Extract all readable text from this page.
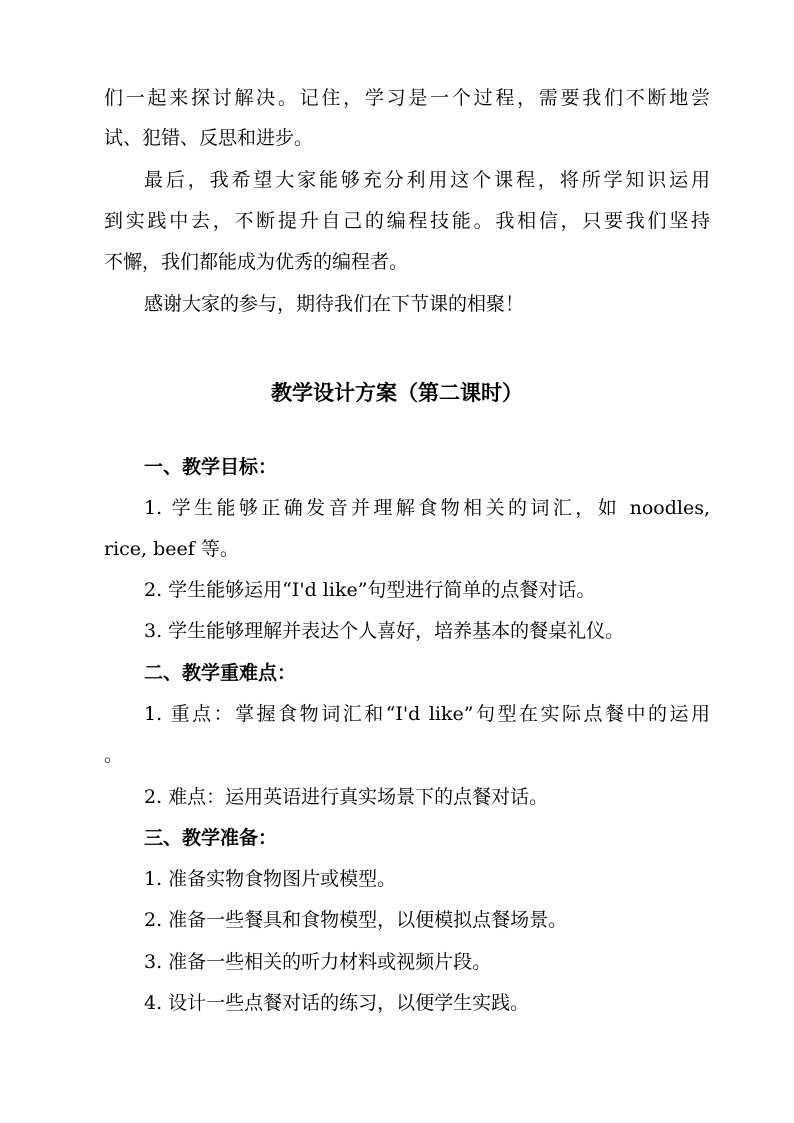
们一起来探讨解决。记住，学习是一个过程，需要我们不断地尝
试、犯错、反思和进步。
最后，我希望大家能够充分利用这个课程，将所学知识运用
到实践中去，不断提升自己的编程技能。我相信，只要我们坚持
不懈，我们都能成为优秀的编程者。
感谢大家的参与，期待我们在下节课的相聚！
教学设计方案（第二课时）
一、教学目标：
1. 学生能够正确发音并理解食物相关的词汇，如 noodles,
rice, beef 等。
2. 学生能够运用“I'd like”句型进行简单的点餐对话。
3. 学生能够理解并表达个人喜好，培养基本的餐桌礼仪。
二、教学重难点：
1. 重点：掌握食物词汇和“I'd like”句型在实际点餐中的运用
。
2. 难点：运用英语进行真实场景下的点餐对话。
三、教学准备：
1. 准备实物食物图片或模型。
2. 准备一些餐具和食物模型，以便模拟点餐场景。
3. 准备一些相关的听力材料或视频片段。
4. 设计一些点餐对话的练习，以便学生实践。
